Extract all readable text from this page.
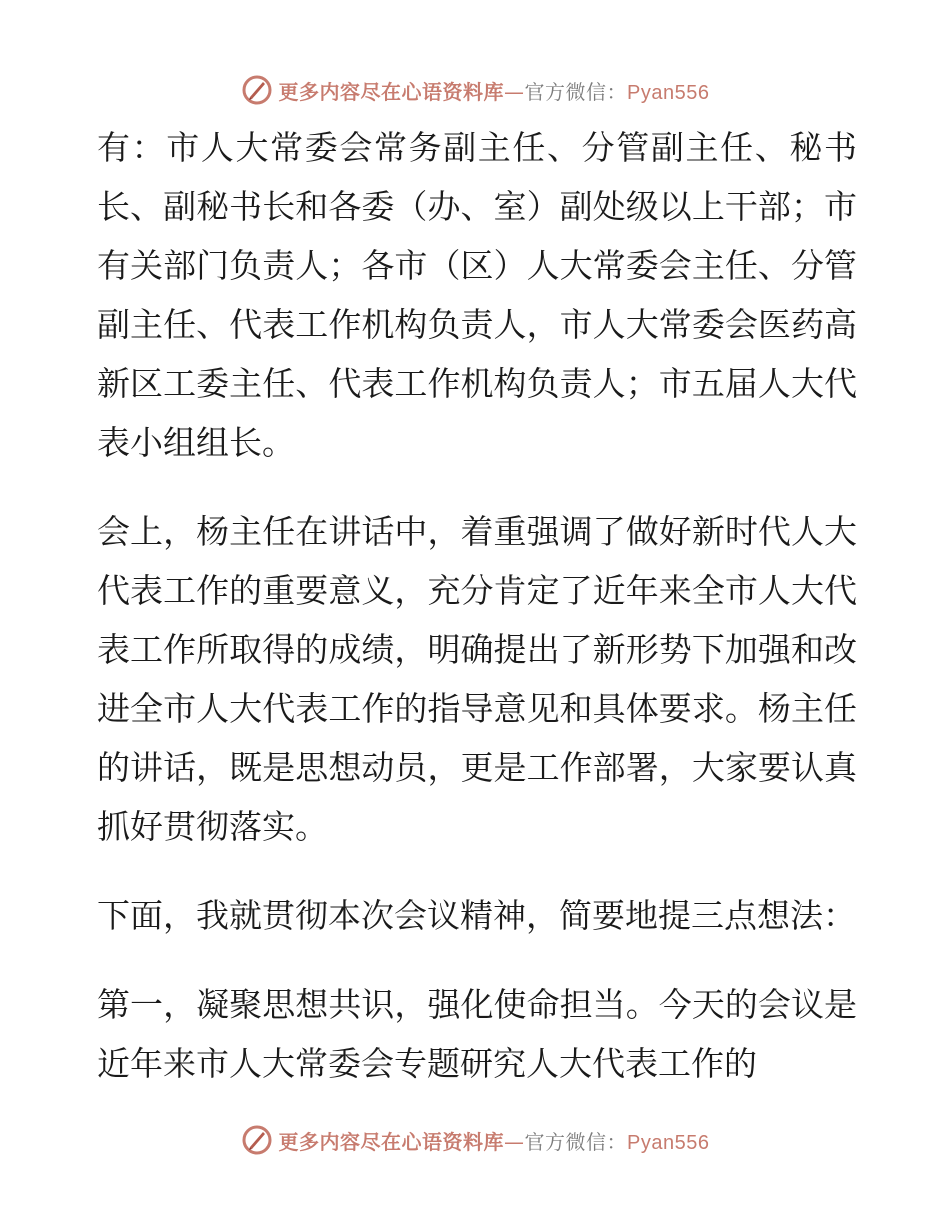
更多内容尽在心语资料库—官方微信：Pyan556

有：市人大常委会常务副主任、分管副主任、秘书长、副秘书长和各委（办、室）副处级以上干部；市有关部门负责人；各市（区）人大常委会主任、分管副主任、代表工作机构负责人，市人大常委会医药高新区工委主任、代表工作机构负责人；市五届人大代表小组组长。

会上，杨主任在讲话中，着重强调了做好新时代人大代表工作的重要意义，充分肯定了近年来全市人大代表工作所取得的成绩，明确提出了新形势下加强和改进全市人大代表工作的指导意见和具体要求。杨主任的讲话，既是思想动员，更是工作部署，大家要认真抓好贯彻落实。

下面，我就贯彻本次会议精神，简要地提三点想法：

第一，凝聚思想共识，强化使命担当。今天的会议是近年来市人大常委会专题研究人大代表工作的

更多内容尽在心语资料库—官方微信：Pyan556
